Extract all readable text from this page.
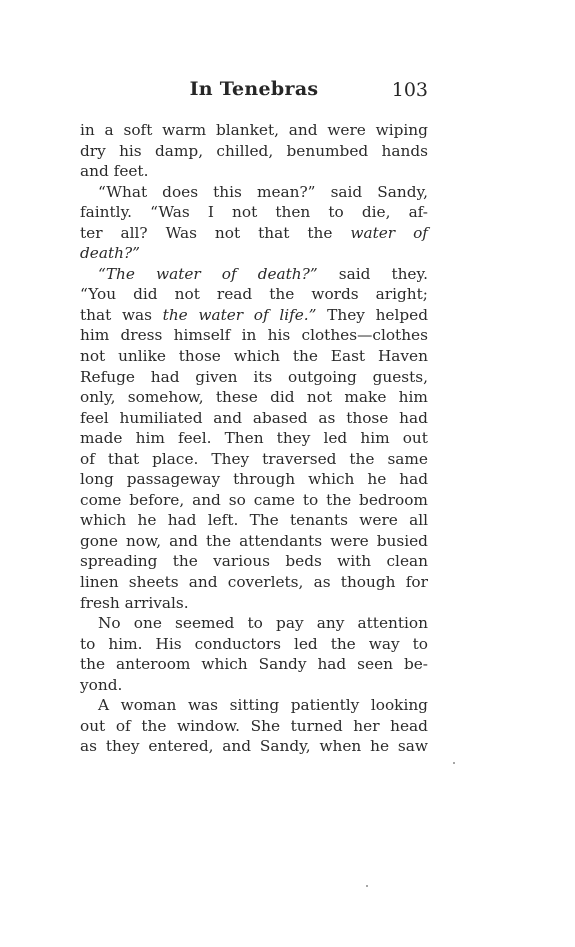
In Tenebras	103
in a soft warm blanket, and were wiping
dry his damp, chilled, benumbed hands
and feet.
“What does this mean?” said Sandy,
faintly. “Was I not then to die, af-
ter all? Was not that the water of
death?”
“The water of death?” said they.
“You did not read the words aright;
that was the water of life.” They helped
him dress himself in his clothes—clothes
not unlike those which the East Haven
Refuge had given its outgoing guests,
only, somehow, these did not make him
feel humiliated and abased as those had
made him feel. Then they led him out
of that place. They traversed the same
long passageway through which he had
come before, and so came to the bedroom
which he had left. The tenants were all
gone now, and the attendants were busied
spreading the various beds with clean
linen sheets and coverlets, as though for
fresh arrivals.
No one seemed to pay any attention
to him. His conductors led the way to
the anteroom which Sandy had seen be-
yond.
A woman was sitting patiently looking
out of the window. She turned her head
as they entered, and Sandy, when he saw
